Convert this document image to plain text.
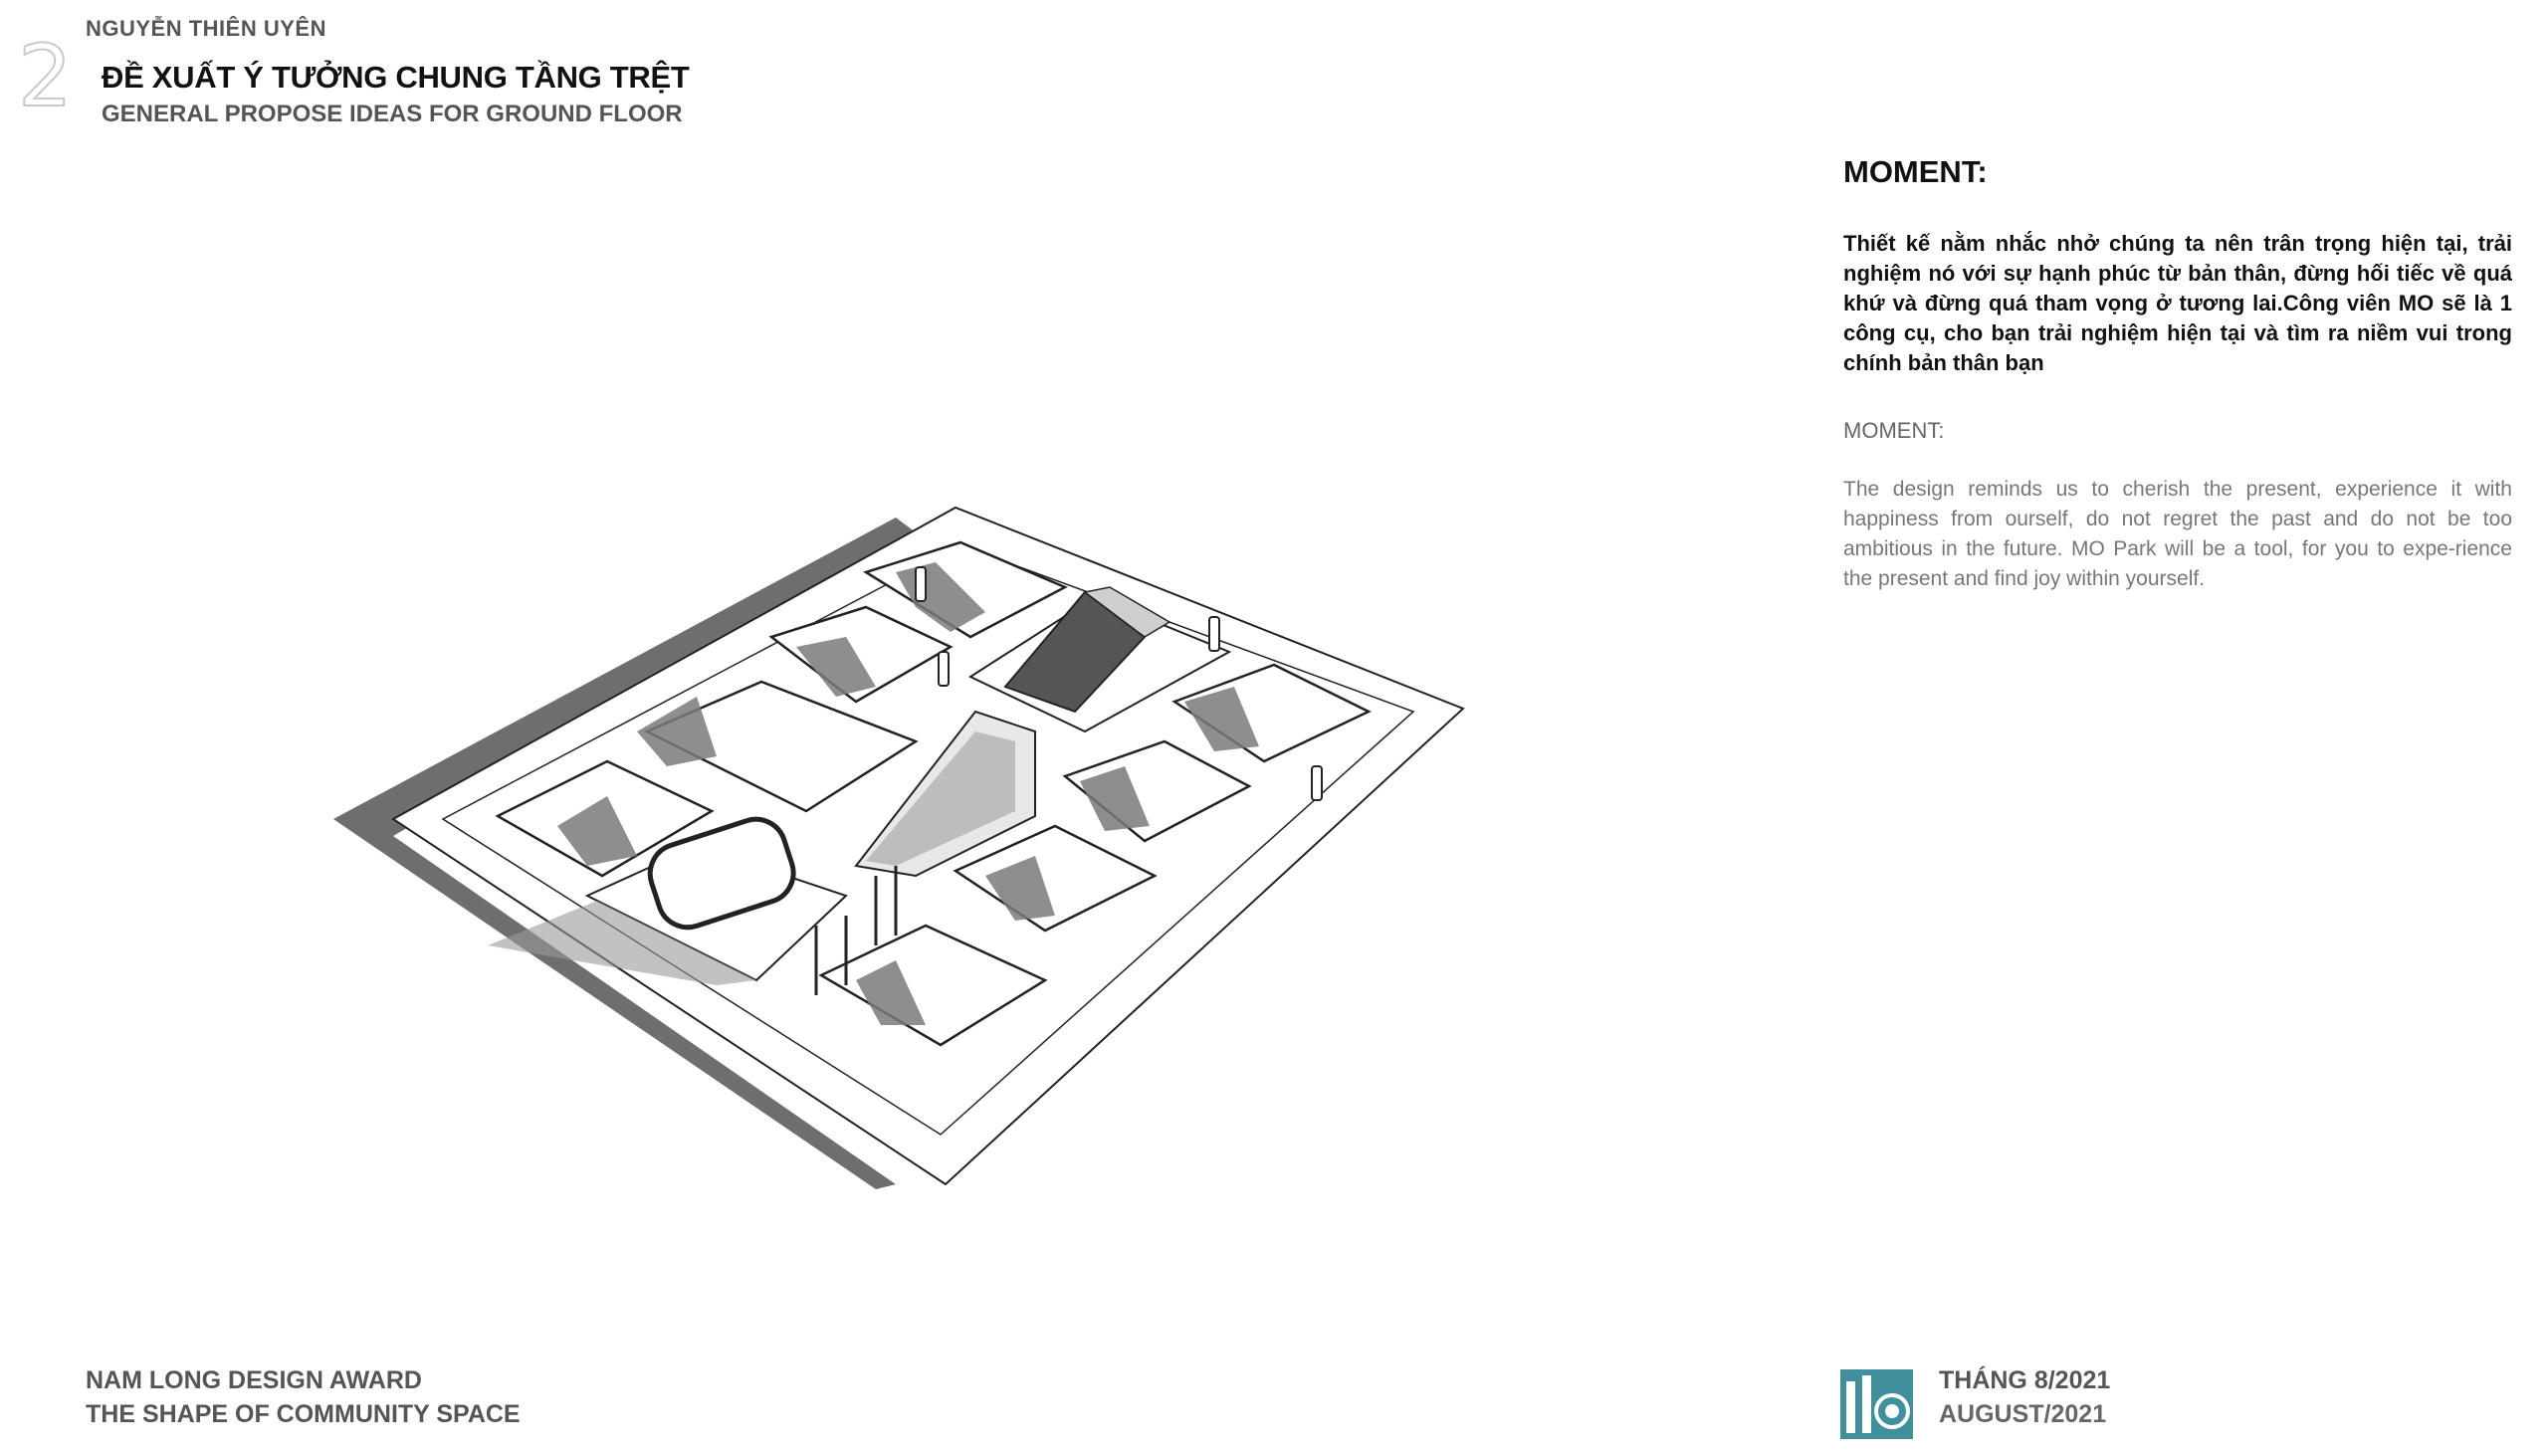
NGUYỄN THIÊN UYÊN
2 ĐỀ XUẤT Ý TƯỞNG CHUNG TẦNG TRỆT
GENERAL PROPOSE IDEAS FOR GROUND FLOOR
MOMENT:
Thiết kế nằm nhắc nhở chúng ta nên trân trọng hiện tại, trải nghiệm nó với sự hạnh phúc từ bản thân, đừng hối tiếc về quá khứ và đừng quá tham vọng ở tương lai.Công viên MO sẽ là 1 công cụ, cho bạn trải nghiệm hiện tại và tìm ra niềm vui trong chính bản thân bạn
MOMENT:
The design reminds us to cherish the present, experience it with happiness from ourself, do not regret the past and do not be too ambitious in the future. MO Park will be a tool, for you to expe-rience the present and find joy within yourself.
NAM LONG DESIGN AWARD
THE SHAPE OF COMMUNITY SPACE
THÁNG 8/2021
AUGUST/2021
